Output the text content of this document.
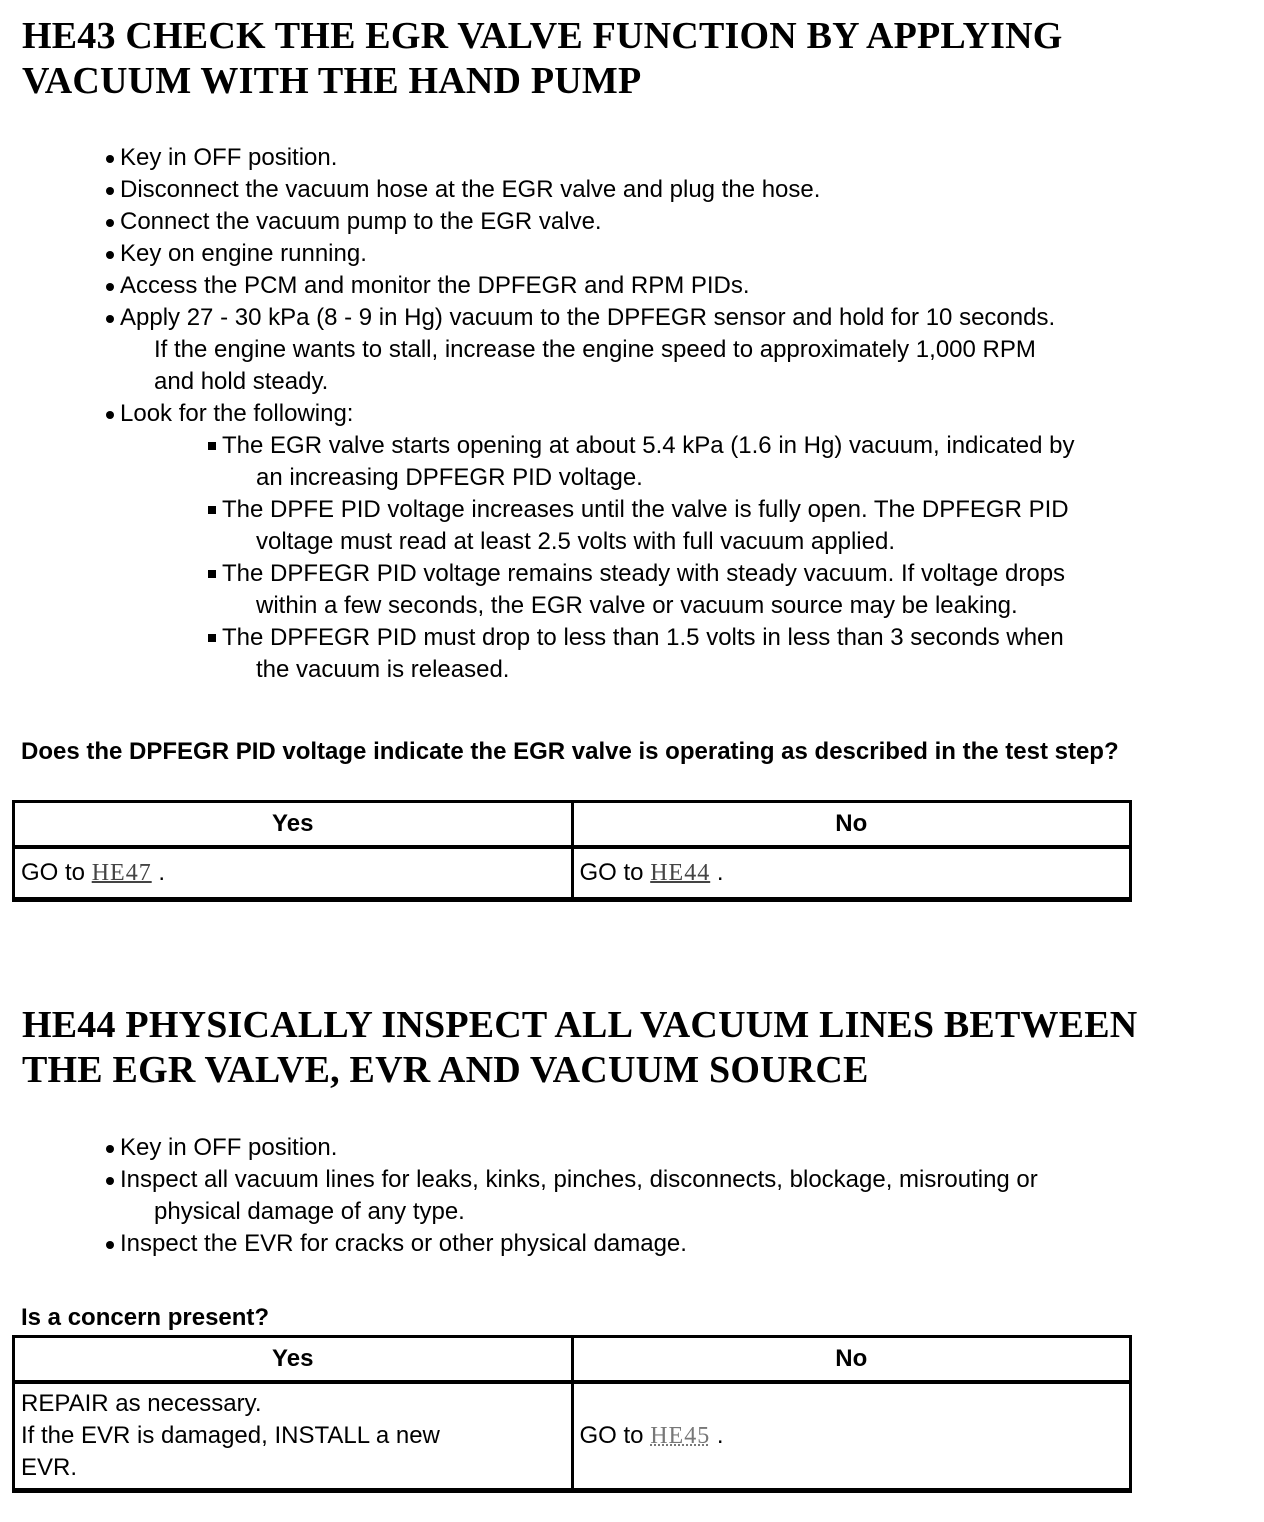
HE43 CHECK THE EGR VALVE FUNCTION BY APPLYING
VACUUM WITH THE HAND PUMP
Key in OFF position.
Disconnect the vacuum hose at the EGR valve and plug the hose.
Connect the vacuum pump to the EGR valve.
Key on engine running.
Access the PCM and monitor the DPFEGR and RPM PIDs.
Apply 27 - 30 kPa (8 - 9 in Hg) vacuum to the DPFEGR sensor and hold for 10 seconds.
If the engine wants to stall, increase the engine speed to approximately 1,000 RPM
and hold steady.
Look for the following:
The EGR valve starts opening at about 5.4 kPa (1.6 in Hg) vacuum, indicated by
an increasing DPFEGR PID voltage.
The DPFE PID voltage increases until the valve is fully open. The DPFEGR PID
voltage must read at least 2.5 volts with full vacuum applied.
The DPFEGR PID voltage remains steady with steady vacuum. If voltage drops
within a few seconds, the EGR valve or vacuum source may be leaking.
The DPFEGR PID must drop to less than 1.5 volts in less than 3 seconds when
the vacuum is released.

Does the DPFEGR PID voltage indicate the EGR valve is operating as described in the test step?

Yes	No
GO to HE47 .	GO to HE44 .
HE44 PHYSICALLY INSPECT ALL VACUUM LINES BETWEEN
THE EGR VALVE, EVR AND VACUUM SOURCE
Key in OFF position.
Inspect all vacuum lines for leaks, kinks, pinches, disconnects, blockage, misrouting or
physical damage of any type.
Inspect the EVR for cracks or other physical damage.

Is a concern present?

Yes	No
REPAIR as necessary.
If the EVR is damaged, INSTALL a new
EVR.	GO to HE45 .
